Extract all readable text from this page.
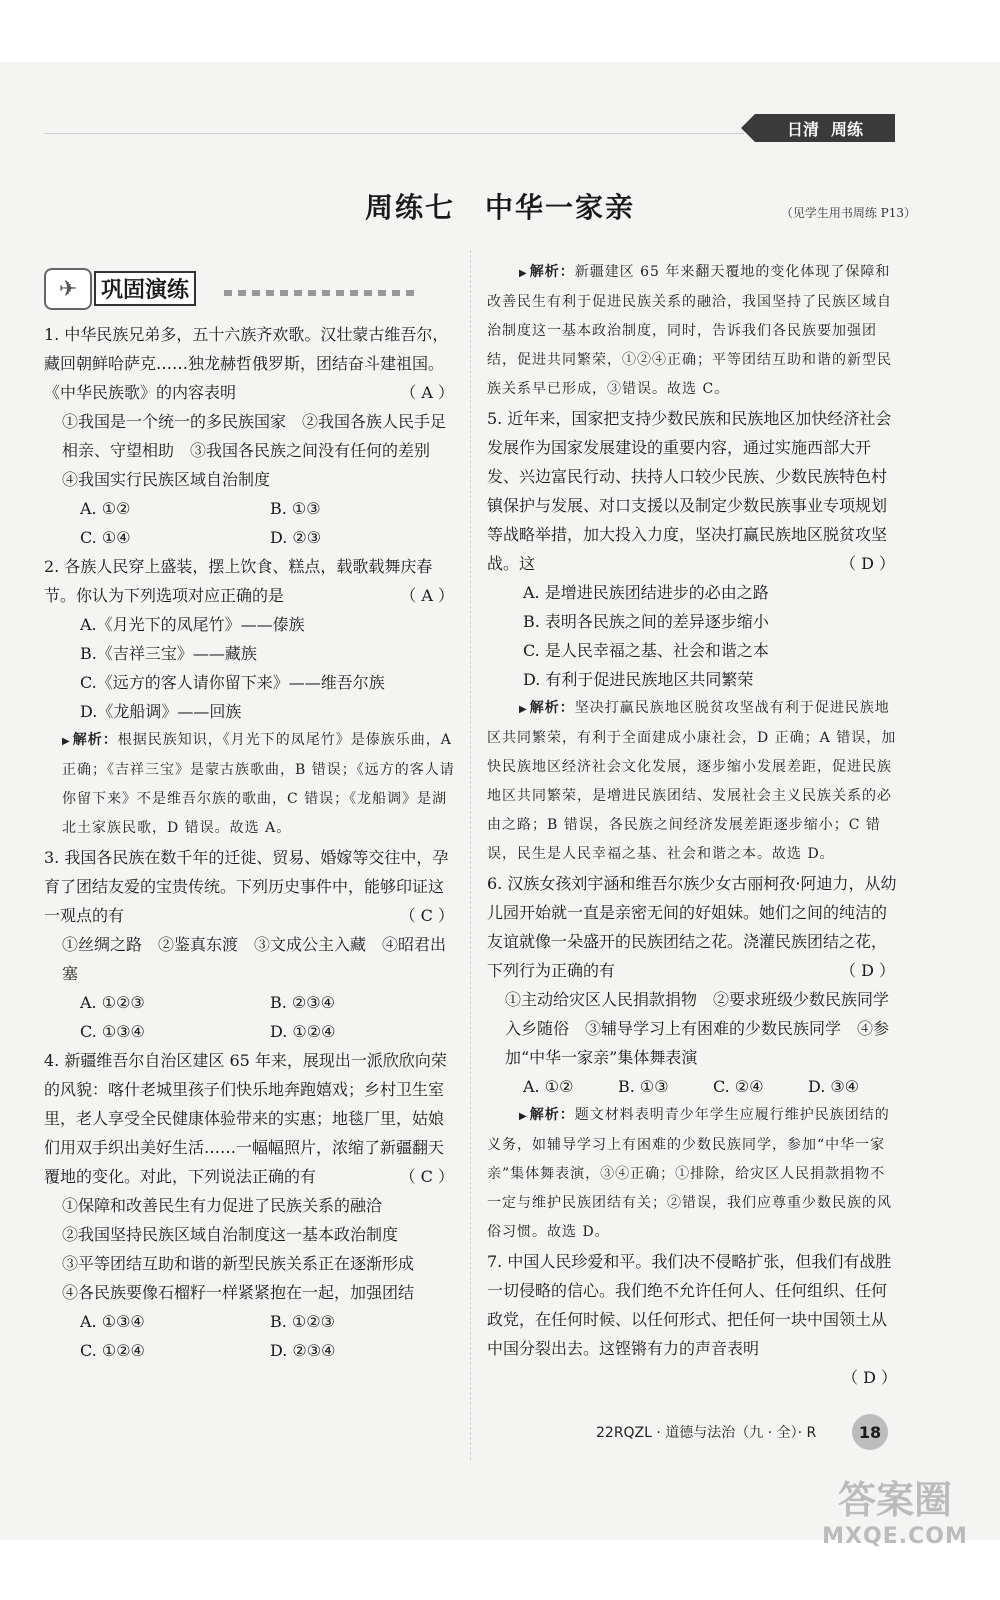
日清 周练
周练七　中华一家亲	（见学生用书周练 P13）
✈	巩固演练
1. 中华民族兄弟多，五十六族齐欢歌。汉壮蒙古维吾尔，藏回朝鲜哈萨克……独龙赫哲俄罗斯，团结奋斗建祖国。《中华民族歌》的内容表明	（ A ）
①我国是一个统一的多民族国家　②我国各族人民手足相亲、守望相助　③我国各民族之间没有任何的差别　④我国实行民族区域自治制度
A. ①②	B. ①③
C. ①④	D. ②③
2. 各族人民穿上盛装，摆上饮食、糕点，载歌载舞庆春节。你认为下列选项对应正确的是	（ A ）
A.《月光下的凤尾竹》——傣族
B.《吉祥三宝》——藏族
C.《远方的客人请你留下来》——维吾尔族
D.《龙船调》——回族
▶ 解析：根据民族知识，《月光下的凤尾竹》是傣族乐曲，A 正确；《吉祥三宝》是蒙古族歌曲，B 错误；《远方的客人请你留下来》不是维吾尔族的歌曲，C 错误；《龙船调》是湖北土家族民歌，D 错误。故选 A。
3. 我国各民族在数千年的迁徙、贸易、婚嫁等交往中，孕育了团结友爱的宝贵传统。下列历史事件中，能够印证这一观点的有	（ C ）
①丝绸之路　②鉴真东渡　③文成公主入藏　④昭君出塞
A. ①②③	B. ②③④
C. ①③④	D. ①②④
4. 新疆维吾尔自治区建区 65 年来，展现出一派欣欣向荣的风貌：喀什老城里孩子们快乐地奔跑嬉戏；乡村卫生室里，老人享受全民健康体验带来的实惠；地毯厂里，姑娘们用双手织出美好生活……一幅幅照片，浓缩了新疆翻天覆地的变化。对此，下列说法正确的有	（ C ）
①保障和改善民生有力促进了民族关系的融洽
②我国坚持民族区域自治制度这一基本政治制度
③平等团结互助和谐的新型民族关系正在逐渐形成
④各民族要像石榴籽一样紧紧抱在一起，加强团结
A. ①③④	B. ①②③
C. ①②④	D. ②③④
▶ 解析：新疆建区 65 年来翻天覆地的变化体现了保障和改善民生有利于促进民族关系的融洽，我国坚持了民族区域自治制度这一基本政治制度，同时，告诉我们各民族要加强团结，促进共同繁荣，①②④正确；平等团结互助和谐的新型民族关系早已形成，③错误。故选 C。
5. 近年来，国家把支持少数民族和民族地区加快经济社会发展作为国家发展建设的重要内容，通过实施西部大开发、兴边富民行动、扶持人口较少民族、少数民族特色村镇保护与发展、对口支援以及制定少数民族事业专项规划等战略举措，加大投入力度，坚决打赢民族地区脱贫攻坚战。这	（ D ）
A. 是增进民族团结进步的必由之路
B. 表明各民族之间的差异逐步缩小
C. 是人民幸福之基、社会和谐之本
D. 有利于促进民族地区共同繁荣
▶ 解析：坚决打赢民族地区脱贫攻坚战有利于促进民族地区共同繁荣，有利于全面建成小康社会，D 正确；A 错误，加快民族地区经济社会文化发展，逐步缩小发展差距，促进民族地区共同繁荣，是增进民族团结、发展社会主义民族关系的必由之路；B 错误，各民族之间经济发展差距逐步缩小；C 错误，民生是人民幸福之基、社会和谐之本。故选 D。
6. 汉族女孩刘宇涵和维吾尔族少女古丽柯孜·阿迪力，从幼儿园开始就一直是亲密无间的好姐妹。她们之间的纯洁的友谊就像一朵盛开的民族团结之花。浇灌民族团结之花，下列行为正确的有	（ D ）
①主动给灾区人民捐款捐物　②要求班级少数民族同学入乡随俗　③辅导学习上有困难的少数民族同学　④参加“中华一家亲”集体舞表演
A. ①②	B. ①③	C. ②④	D. ③④
▶ 解析：题文材料表明青少年学生应履行维护民族团结的义务，如辅导学习上有困难的少数民族同学，参加“中华一家亲”集体舞表演，③④正确；①排除，给灾区人民捐款捐物不一定与维护民族团结有关；②错误，我们应尊重少数民族的风俗习惯。故选 D。
7. 中国人民珍爱和平。我们决不侵略扩张，但我们有战胜一切侵略的信心。我们绝不允许任何人、任何组织、任何政党，在任何时候、以任何形式、把任何一块中国领土从中国分裂出去。这铿锵有力的声音表明
（ D ）
22RQZL · 道德与法治（九 · 全）· R	18
答案圈
MXQE.COM
